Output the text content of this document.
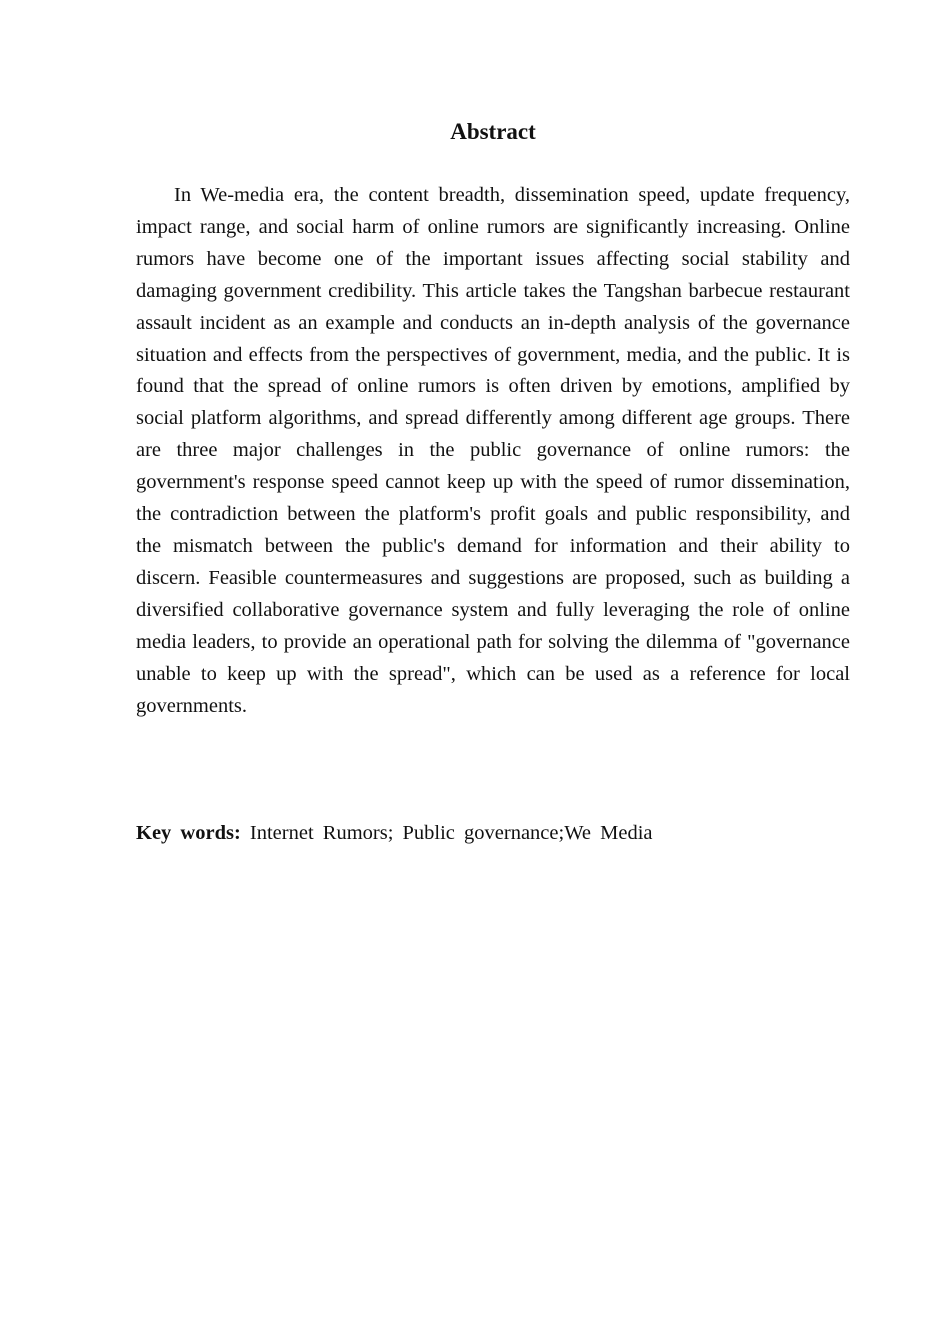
Abstract

In We-media era, the content breadth, dissemination speed, update frequency, impact range, and social harm of online rumors are significantly increasing. Online rumors have become one of the important issues affecting social stability and damaging government credibility. This article takes the Tangshan barbecue restaurant assault incident as an example and conducts an in-depth analysis of the governance situation and effects from the perspectives of government, media, and the public. It is found that the spread of online rumors is often driven by emotions, amplified by social platform algorithms, and spread differently among different age groups. There are three major challenges in the public governance of online rumors: the government's response speed cannot keep up with the speed of rumor dissemination, the contradiction between the platform's profit goals and public responsibility, and the mismatch between the public's demand for information and their ability to discern. Feasible countermeasures and suggestions are proposed, such as building a diversified collaborative governance system and fully leveraging the role of online media leaders, to provide an operational path for solving the dilemma of "governance unable to keep up with the spread", which can be used as a reference for local governments.

Key words: Internet Rumors; Public governance;We Media
